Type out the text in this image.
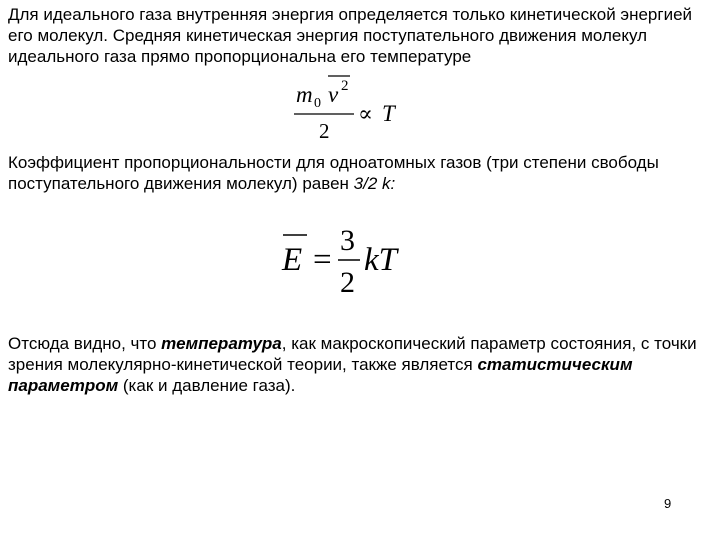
Для идеального газа внутренняя энергия определяется только кинетической энергией его молекул. Средняя кинетическая энергия поступательного движения молекул идеального газа прямо пропорциональна его температуре

m 0 v 2
2
∝ T

Коэффициент пропорциональности для одноатомных газов (три степени свободы поступательного движения молекул) равен 3/2 k:

E =
3
2
kT

Отсюда видно, что температура, как макроскопический параметр состояния, с точки зрения молекулярно-кинетической теории, также является статистическим параметром (как и давление газа).

9
